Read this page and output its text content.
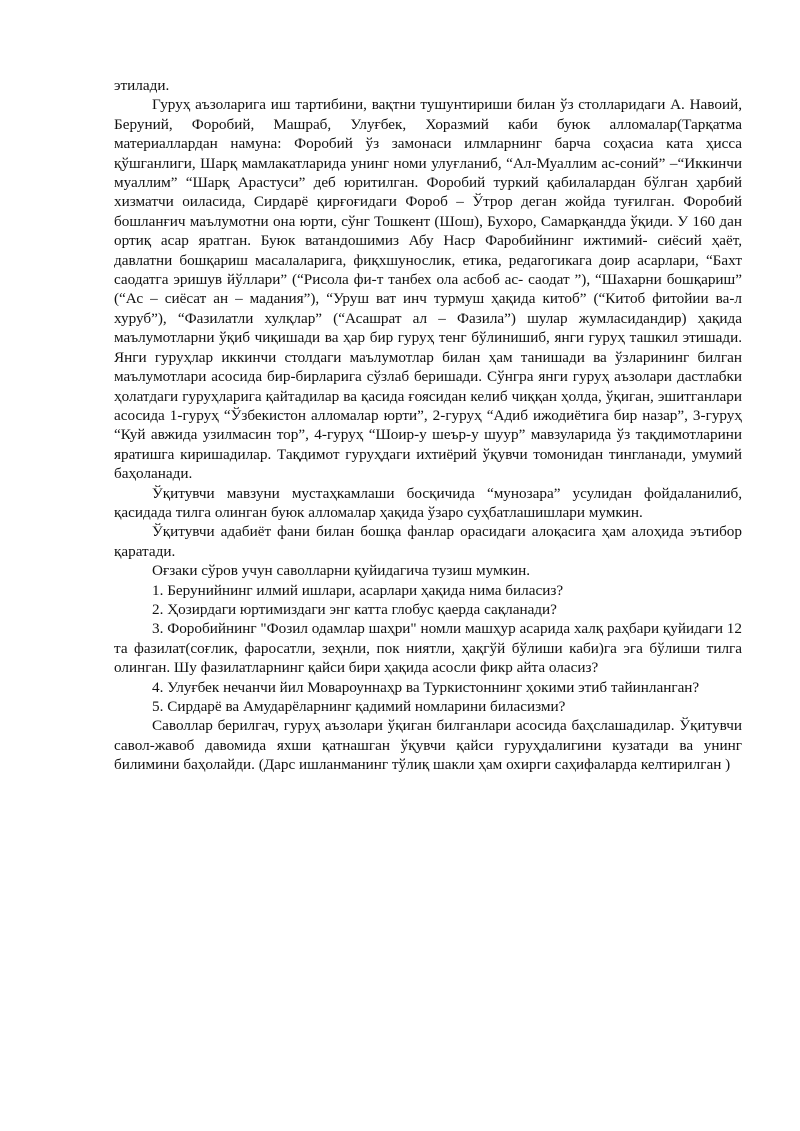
этилади.

Гуруҳ аъзоларига иш тартибини, вақтни тушунтириши билан ўз столларидаги А. Навоий, Беруний, Форобий, Машраб, Улуғбек, Хоразмий каби буюк алломалар(Тарқатма материаллардан намуна: Форобий ўз замонаси илмларнинг барча соҳасиа ката ҳисса қўшганлиги, Шарқ мамлакатларида унинг номи улуғланиб, “Ал-Муаллим ас-соний” –“Иккинчи муаллим” “Шарқ Арастуси” деб юритилган. Форобий туркий қабилалардан бўлган ҳарбий хизматчи оиласида, Сирдарё қирғоғидаги Фороб – Ўтрор деган жойда туғилган. Форобий бошланғич маълумотни она юрти, сўнг Тошкент (Шош), Бухоро, Самарқандда ўқиди. У 160 дан ортиқ асар яратган. Буюк ватандошимиз Абу Наср Фаробийнинг ижтимий- сиёсий ҳаёт, давлатни бошқариш масалаларига, фиқхшунослик, етика, редагогикага доир асарлари, “Бахт саодатга эришув йўллари” (“Рисола фи-т танбех ола асбоб ас- саодат ”), “Шахарни бошқариш” (“Ас – сиёсат ан – мадания”), “Уруш ват инч турмуш ҳақида китоб” (“Китоб фитойии ва-л хуруб”), “Фазилатли хулқлар” (“Асашрат ал – Фазила”) шулар жумласидандир) ҳақида маълумотларни ўқиб чиқишади ва ҳар бир гуруҳ тенг бўлинишиб, янги гуруҳ ташкил этишади. Янги гуруҳлар иккинчи столдаги маълумотлар билан ҳам танишади ва ўзларининг билган маълумотлари асосида бир-бирларига сўзлаб беришади. Сўнгра янги гуруҳ аъзолари дастлабки ҳолатдаги гуруҳларига қайтадилар ва қасида ғоясидан келиб чиққан ҳолда, ўқиган, эшитганлари асосида 1-гуруҳ “Ўзбекистон алломалар юрти”, 2-гуруҳ “Адиб ижодиётига бир назар”, 3-гуруҳ “Куй авжида узилмасин тор”, 4-гуруҳ “Шоир-у шеър-у шуур” мавзуларида ўз тақдимотларини яратишга киришадилар. Тақдимот гуруҳдаги ихтиёрий ўқувчи томонидан тингланади, умумий баҳоланади.

Ўқитувчи мавзуни мустаҳкамлаши босқичида “мунозара” усулидан фойдаланилиб, қасидада тилга олинган буюк алломалар ҳақида ўзаро суҳбатлашишлари мумкин.

Ўқитувчи адабиёт фани билан бошқа фанлар орасидаги алоқасига ҳам алоҳида эътибор қаратади.

Оғзаки сўров учун саволларни қуйидагича тузиш мумкин.

1. Берунийнинг илмий ишлари, асарлари ҳақида нима биласиз?

2. Ҳозирдаги юртимиздаги энг катта глобус қаерда сақланади?

3. Форобийнинг "Фозил одамлар шаҳри" номли машҳур асарида халқ раҳбари қуйидаги 12 та фазилат(соғлик, фаросатли, зеҳнли, пок ниятли, ҳақгўй бўлиши каби)га эга бўлиши тилга олинган. Шу фазилатларнинг қайси бири ҳақида асосли фикр айта оласиз?

4. Улуғбек нечанчи йил Мовароуннаҳр ва Туркистоннинг ҳокими этиб тайинланган?

5. Сирдарё ва Амударёларнинг қадимий номларини биласизми?

Саволлар берилгач, гуруҳ аъзолари ўқиган билганлари асосида баҳслашадилар. Ўқитувчи савол-жавоб давомида яхши қатнашган ўқувчи қайси гуруҳдалигини кузатади ва унинг билимини баҳолайди. (Дарс ишланманинг тўлиқ шакли ҳам охирги саҳифаларда келтирилган )
